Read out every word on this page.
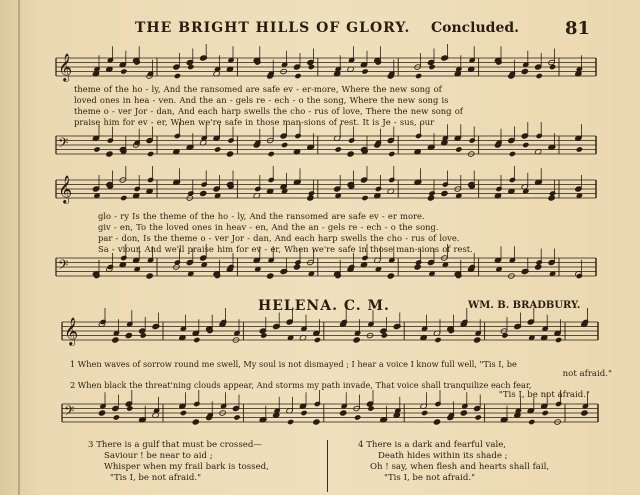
THE BRIGHT HILLS OF GLORY. Concluded.	81
𝄞
𝄢
𝄞
𝄢
𝄞
𝄢
theme of the ho - ly, And the ransomed are safe ev - er-more, Where the new song of
loved ones in hea - ven. And the an - gels re - ech - o the song, Where the new song is
theme o - ver Jor - dan, And each harp swells the cho - rus of love, There the new song of
praise him for ev - er, When we're safe in those man-sions of rest. It is Je - sus, our
glo - ry Is the theme of the ho - ly, And the ransomed are safe ev - er more.
giv - en, To the loved ones in heav - en, And the an - gels re - ech - o the song.
par - don, Is the theme o - ver Jor - dan, And each harp swells the cho - rus of love.
Sa - viour, And we'll praise him for ev - er, When we're safe in those man-sions of rest.
HELENA. C. M.	WM. B. BRADBURY.
1 When waves of sorrow round me swell, My soul is not dismayed ; I hear a voice I know full well, "Tis I, be
not afraid."
2 When black the threat'ning clouds appear, And storms my path invade, That voice shall tranquilize each fear,
"Tis I, be not afraid."
3 There is a gulf that must be crossed—
Saviour ! be near to aid ;
Whisper when my frail bark is tossed,
"Tis I, be not afraid."
4 There is a dark and fearful vale,
Death hides within its shade ;
Oh ! say, when flesh and hearts shall fail,
"Tis I, be not afraid."
